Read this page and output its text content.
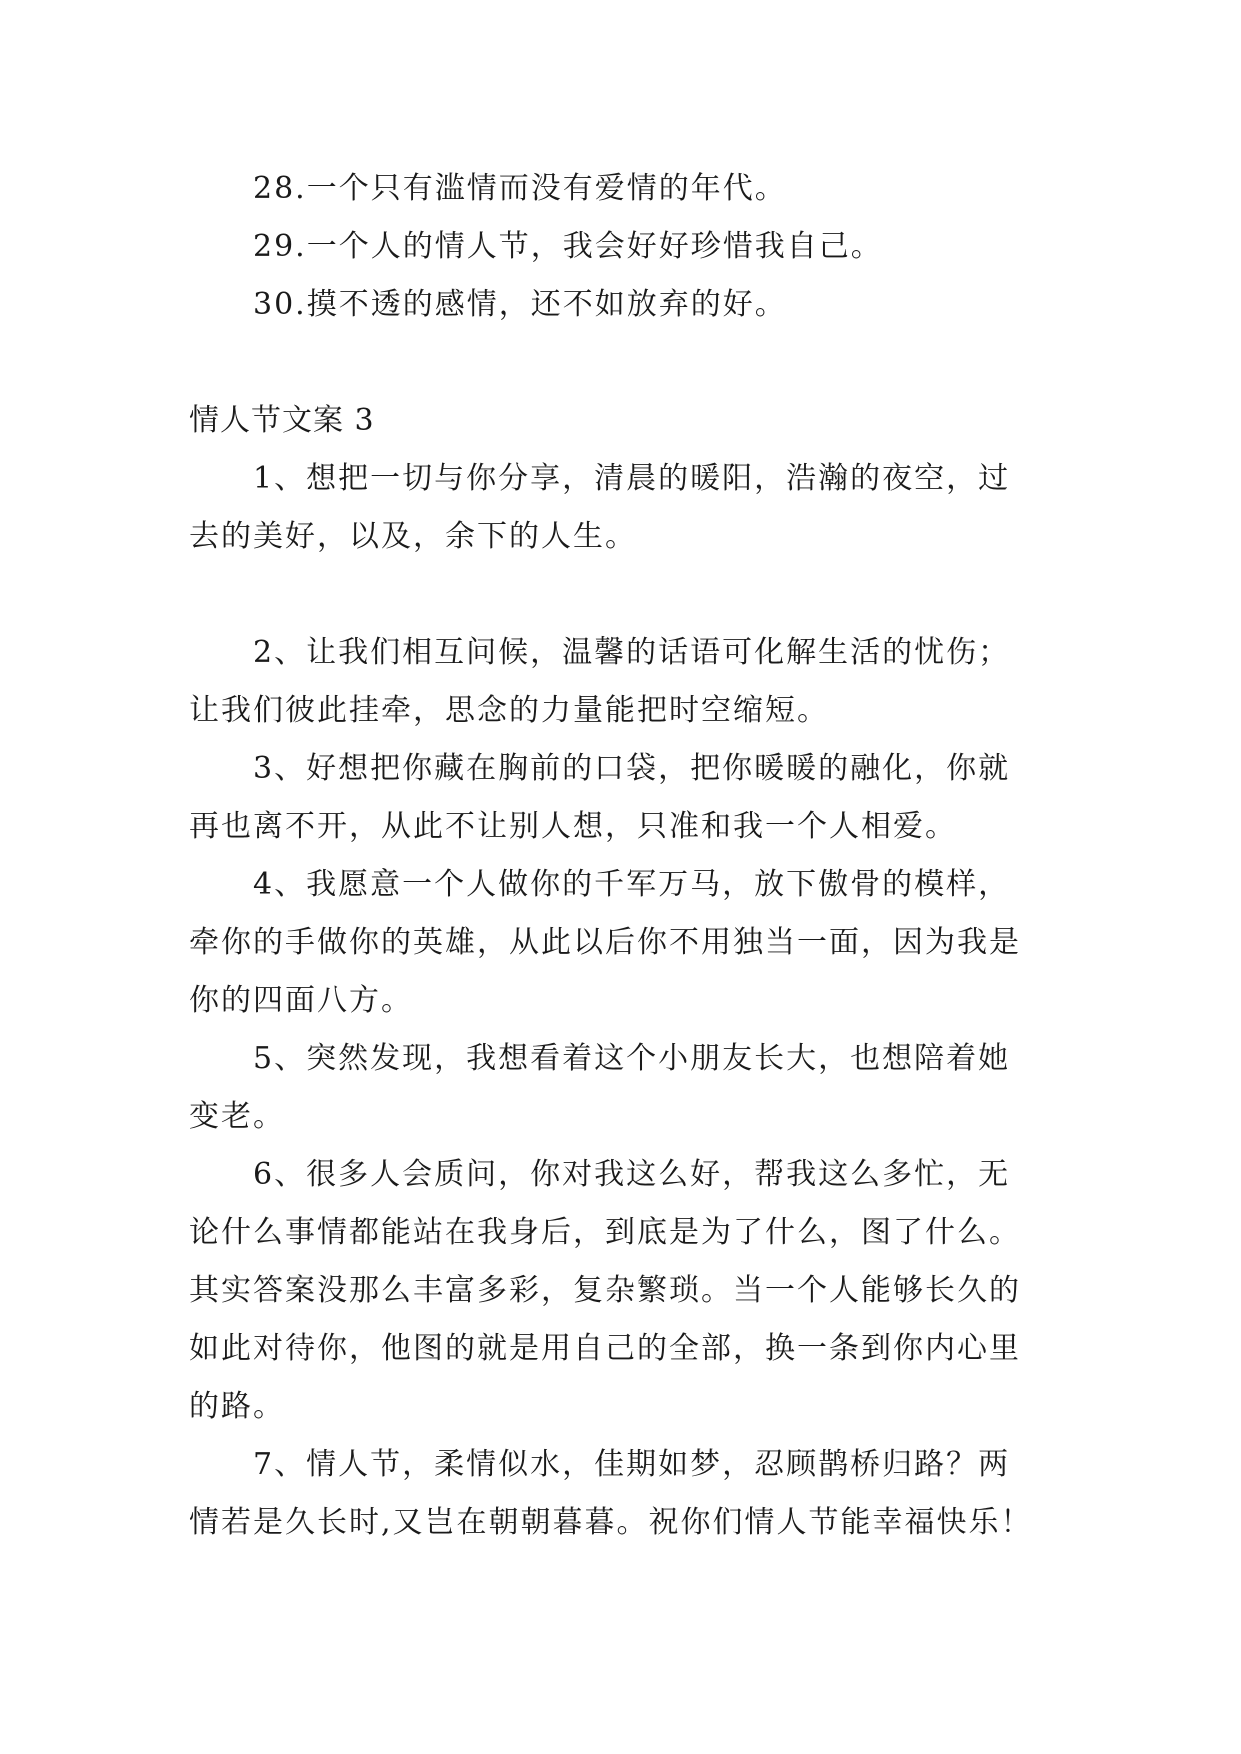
28.一个只有滥情而没有爱情的年代。
29.一个人的情人节，我会好好珍惜我自己。
30.摸不透的感情，还不如放弃的好。
情人节文案 3
1、想把一切与你分享，清晨的暖阳，浩瀚的夜空，过
去的美好，以及，余下的人生。
2、让我们相互问候，温馨的话语可化解生活的忧伤；
让我们彼此挂牵，思念的力量能把时空缩短。
3、好想把你藏在胸前的口袋，把你暖暖的融化，你就
再也离不开，从此不让别人想，只准和我一个人相爱。
4、我愿意一个人做你的千军万马，放下傲骨的模样，
牵你的手做你的英雄，从此以后你不用独当一面，因为我是
你的四面八方。
5、突然发现，我想看着这个小朋友长大，也想陪着她
变老。
6、很多人会质问，你对我这么好，帮我这么多忙，无
论什么事情都能站在我身后，到底是为了什么，图了什么。
其实答案没那么丰富多彩，复杂繁琐。当一个人能够长久的
如此对待你，他图的就是用自己的全部，换一条到你内心里
的路。
7、情人节，柔情似水，佳期如梦，忍顾鹊桥归路？两
情若是久长时,又岂在朝朝暮暮。祝你们情人节能幸福快乐！
